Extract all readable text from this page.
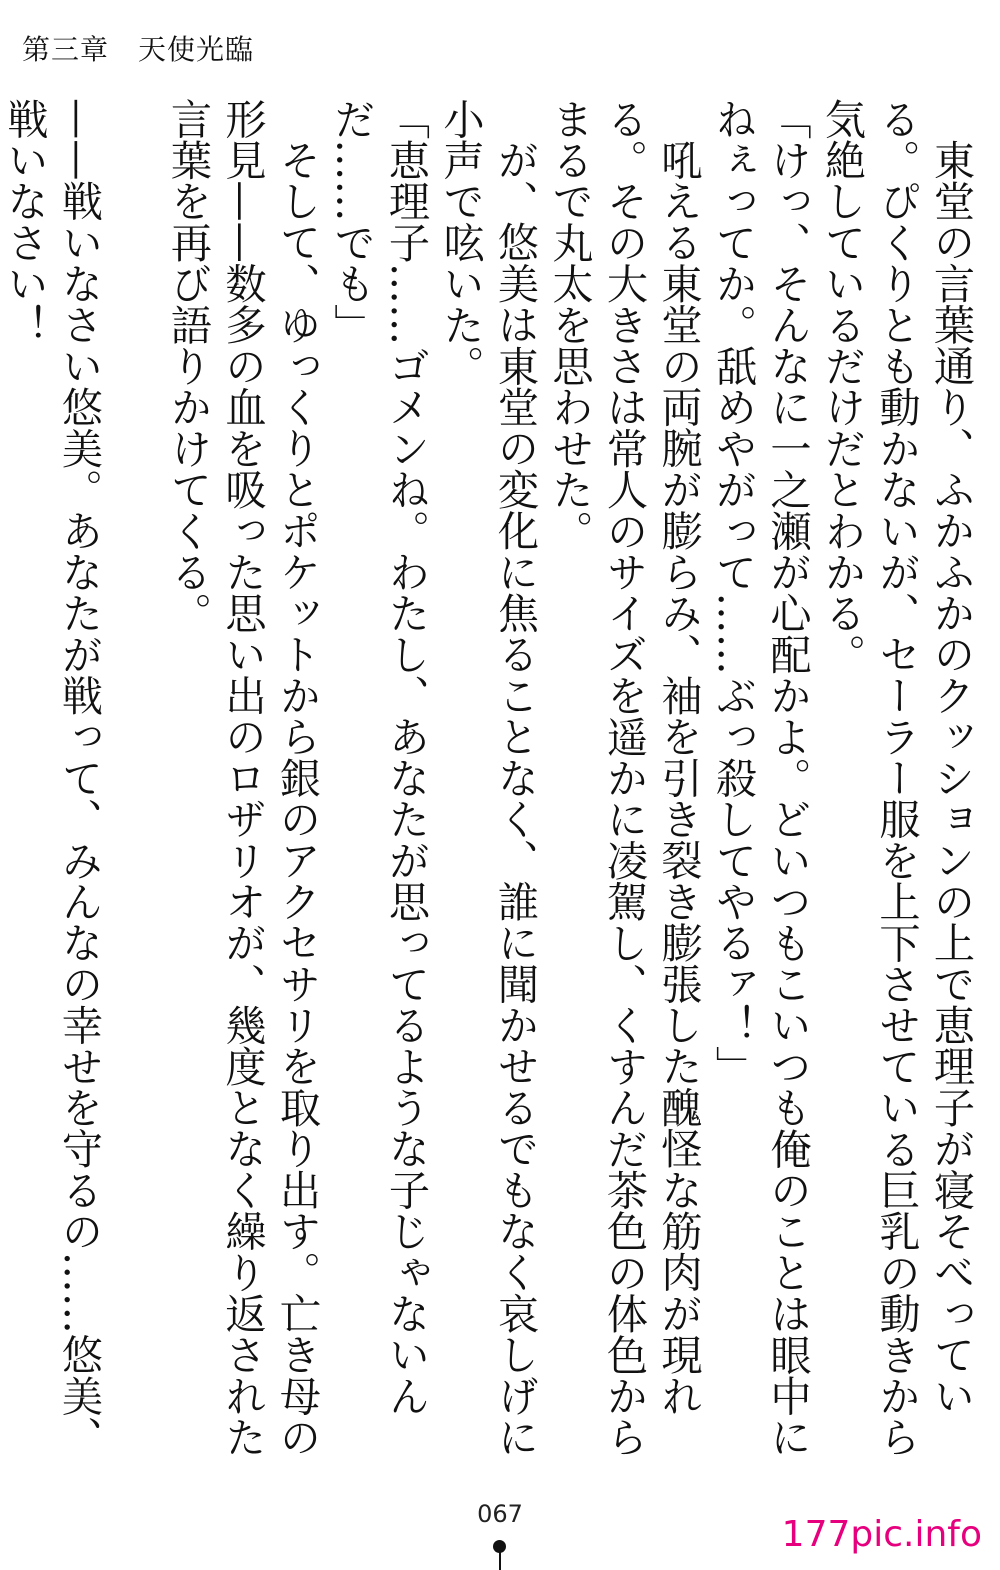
第三章　天使光臨

東堂の言葉通り、ふかふかのクッションの上で恵理子が寝そべっている。ぴくりとも動かないが、セーラー服を上下させている巨乳の動きから気絶しているだけだとわかる。

「けっ、そんなに一之瀬が心配かよ。どいつもこいつも俺のことは眼中にねぇってか。舐めやがって……ぶっ殺してやるァ！」

吼える東堂の両腕が膨らみ、袖を引き裂き膨張した醜怪な筋肉が現れる。その大きさは常人のサイズを遥かに凌駕し、くすんだ茶色の体色からまるで丸太を思わせた。

が、悠美は東堂の変化に焦ることなく、誰に聞かせるでもなく哀しげに小声で呟いた。

「恵理子……ゴメンね。わたし、あなたが思ってるような子じゃないんだ……でも」

そして、ゆっくりとポケットから銀のアクセサリを取り出す。亡き母の形見——数多の血を吸った思い出のロザリオが、幾度となく繰り返された言葉を再び語りかけてくる。

——戦いなさい悠美。あなたが戦って、みんなの幸せを守るの……悠美、戦いなさい！

067	177pic.info
